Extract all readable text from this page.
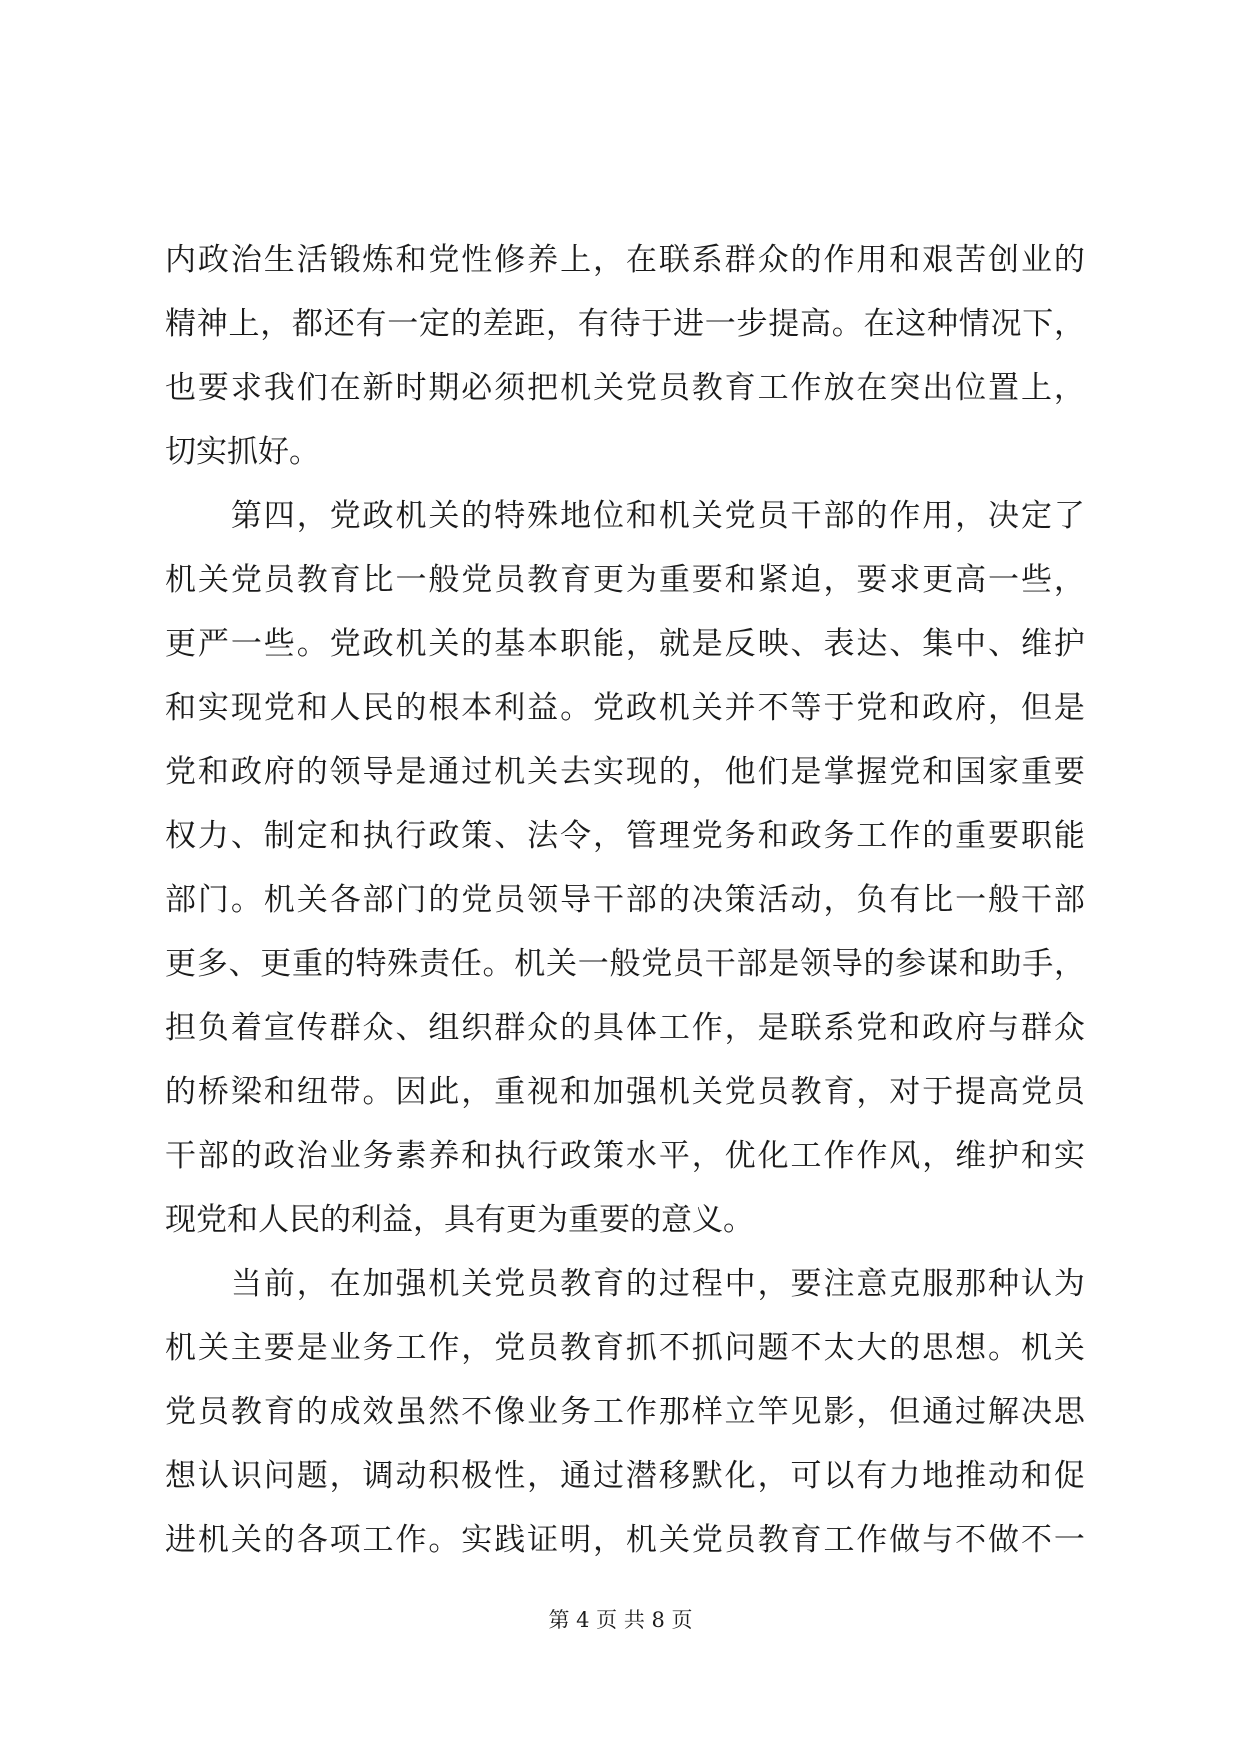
内 政 治 生 活 锻 炼 和 党 性 修 养 上 ， 在 联 系 群 众 的 作 用 和 艰 苦 创 业 的
精 神 上 ， 都 还 有 一 定 的 差 距 ， 有 待 于 进 一 步 提 高 。 在 这 种 情 况 下 ，
也 要 求 我 们 在 新 时 期 必 须 把 机 关 党 员 教 育 工 作 放 在 突 出 位 置 上 ，
切实抓好。

第 四 ， 党 政 机 关 的 特 殊 地 位 和 机 关 党 员 干 部 的 作 用 ， 决 定 了
机 关 党 员 教 育 比 一 般 党 员 教 育 更 为 重 要 和 紧 迫 ， 要 求 更 高 一 些 ，
更 严 一 些 。 党 政 机 关 的 基 本 职 能 ， 就 是 反 映 、 表 达 、 集 中 、 维 护
和 实 现 党 和 人 民 的 根 本 利 益 。 党 政 机 关 并 不 等 于 党 和 政 府 ， 但 是
党 和 政 府 的 领 导 是 通 过 机 关 去 实 现 的 ， 他 们 是 掌 握 党 和 国 家 重 要
权 力 、 制 定 和 执 行 政 策 、 法 令 ， 管 理 党 务 和 政 务 工 作 的 重 要 职 能
部 门 。 机 关 各 部 门 的 党 员 领 导 干 部 的 决 策 活 动 ， 负 有 比 一 般 干 部
更 多 、 更 重 的 特 殊 责 任 。 机 关 一 般 党 员 干 部 是 领 导 的 参 谋 和 助 手 ，
担 负 着 宣 传 群 众 、 组 织 群 众 的 具 体 工 作 ， 是 联 系 党 和 政 府 与 群 众
的 桥 梁 和 纽 带 。 因 此 ， 重 视 和 加 强 机 关 党 员 教 育 ， 对 于 提 高 党 员
干 部 的 政 治 业 务 素 养 和 执 行 政 策 水 平 ， 优 化 工 作 作 风 ， 维 护 和 实
现党和人民的利益，具有更为重要的意义。

当 前 ， 在 加 强 机 关 党 员 教 育 的 过 程 中 ， 要 注 意 克 服 那 种 认 为
机 关 主 要 是 业 务 工 作 ， 党 员 教 育 抓 不 抓 问 题 不 太 大 的 思 想 。 机 关
党 员 教 育 的 成 效 虽 然 不 像 业 务 工 作 那 样 立 竿 见 影 ， 但 通 过 解 决 思
想 认 识 问 题 ， 调 动 积 极 性 ， 通 过 潜 移 默 化 ， 可 以 有 力 地 推 动 和 促
进 机 关 的 各 项 工 作 。 实 践 证 明 ， 机 关 党 员 教 育 工 作 做 与 不 做 不 一
第 4 页 共 8 页
